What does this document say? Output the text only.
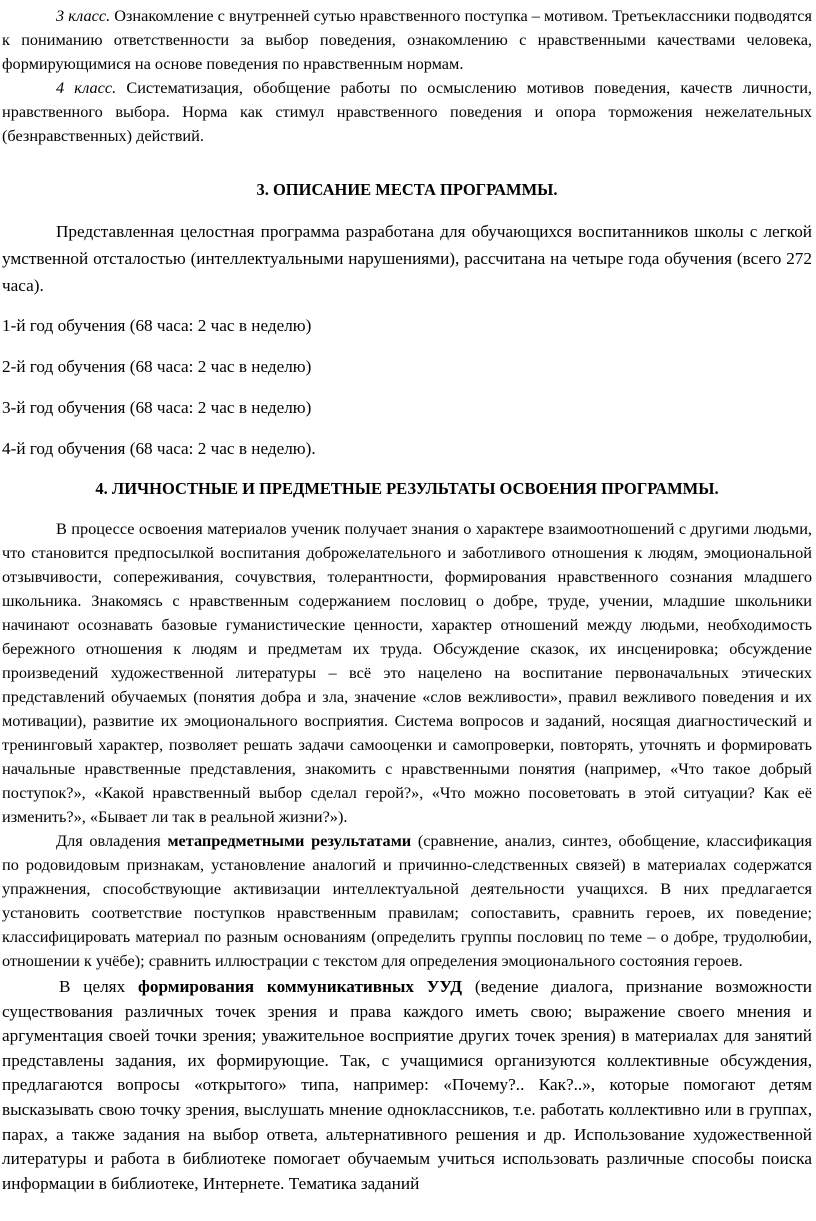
3 класс. Ознакомление с внутренней сутью нравственного поступка – мотивом. Третьеклассники подводятся к пониманию ответственности за выбор поведения, ознакомлению с нравственными качествами человека, формирующимися на основе поведения по нравственным нормам.

4 класс. Систематизация, обобщение работы по осмыслению мотивов поведения, качеств личности, нравственного выбора. Норма как стимул нравственного поведения и опора торможения нежелательных (безнравственных) действий.

3. ОПИСАНИЕ МЕСТА ПРОГРАММЫ.

Представленная целостная программа разработана для обучающихся воспитанников школы с легкой умственной отсталостью (интеллектуальными нарушениями), рассчитана на четыре года обучения (всего 272 часа).

1-й год обучения (68 часа: 2 час в неделю)

2-й год обучения (68 часа: 2 час в неделю)

3-й год обучения (68 часа: 2 час в неделю)

4-й год обучения (68 часа: 2 час в неделю).

4. ЛИЧНОСТНЫЕ И ПРЕДМЕТНЫЕ РЕЗУЛЬТАТЫ ОСВОЕНИЯ ПРОГРАММЫ.

В процессе освоения материалов ученик получает знания о характере взаимоотношений с другими людьми, что становится предпосылкой воспитания доброжелательного и заботливого отношения к людям, эмоциональной отзывчивости, сопереживания, сочувствия, толерантности, формирования нравственного сознания младшего школьника. Знакомясь с нравственным содержанием пословиц о добре, труде, учении, младшие школьники начинают осознавать базовые гуманистические ценности, характер отношений между людьми, необходимость бережного отношения к людям и предметам их труда. Обсуждение сказок, их инсценировка; обсуждение произведений художественной литературы – всё это нацелено на воспитание первоначальных этических представлений обучаемых (понятия добра и зла, значение «слов вежливости», правил вежливого поведения и их мотивации), развитие их эмоционального восприятия. Система вопросов и заданий, носящая диагностический и тренинговый характер, позволяет решать задачи самооценки и самопроверки, повторять, уточнять и формировать начальные нравственные представления, знакомить с нравственными понятия (например, «Что такое добрый поступок?», «Какой нравственный выбор сделал герой?», «Что можно посоветовать в этой ситуации? Как её изменить?», «Бывает ли так в реальной жизни?»).

Для овладения метапредметными результатами (сравнение, анализ, синтез, обобщение, классификация по родовидовым признакам, установление аналогий и причинно-следственных связей) в материалах содержатся упражнения, способствующие активизации интеллектуальной деятельности учащихся. В них предлагается установить соответствие поступков нравственным правилам; сопоставить, сравнить героев, их поведение; классифицировать материал по разным основаниям (определить группы пословиц по теме – о добре, трудолюбии, отношении к учёбе); сравнить иллюстрации с текстом для определения эмоционального состояния героев.

В целях формирования коммуникативных УУД (ведение диалога, признание возможности существования различных точек зрения и права каждого иметь свою; выражение своего мнения и аргументация своей точки зрения; уважительное восприятие других точек зрения) в материалах для занятий представлены задания, их формирующие. Так, с учащимися организуются коллективные обсуждения, предлагаются вопросы «открытого» типа, например: «Почему?.. Как?..», которые помогают детям высказывать свою точку зрения, выслушать мнение одноклассников, т.е. работать коллективно или в группах, парах, а также задания на выбор ответа, альтернативного решения и др. Использование художественной литературы и работа в библиотеке помогает обучаемым учиться использовать различные способы поиска информации в библиотеке, Интернете. Тематика заданий
